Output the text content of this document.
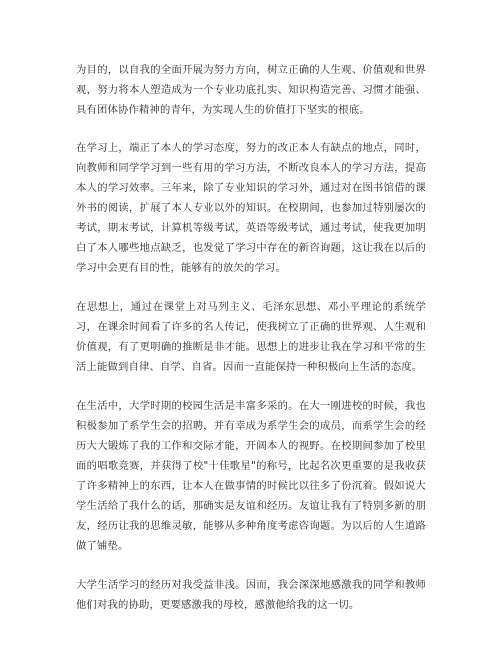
为目的，以自我的全面开展为努力方向，树立正确的人生观、价值观和世界观，努力将本人塑造成为一个专业功底扎实、知识构造完善、习惯才能强、具有团体协作精神的青年，为实现人生的价值打下坚实的根底。

在学习上，端正了本人的学习态度，努力的改正本人有缺点的地点，同时，向教师和同学学习到一些有用的学习方法，不断改良本人的学习方法，提高本人的学习效率。三年来，除了专业知识的学习外，通过对在图书馆借的课外书的阅读，扩展了本人专业以外的知识。在校期间，也参加过特别屡次的考试，期末考试，计算机等级考试，英语等级考试，通过考试，使我更加明白了本人哪些地点缺乏，也发觉了学习中存在的新咨询题，这让我在以后的学习中会更有目的性，能够有的放矢的学习。

在思想上，通过在课堂上对马列主义、毛泽东思想、邓小平理论的系统学习，在课余时间看了许多的名人传记，使我树立了正确的世界观、人生观和价值观，有了更明确的推断是非才能。思想上的进步让我在学习和平常的生活上能做到自律、自学、自省。因而一直能保持一种积极向上生活的态度。

在生活中，大学时期的校园生活是丰富多采的。在大一刚进校的时候，我也积极参加了系学生会的招聘，并有幸成为系学生会的成员，而系学生会的经历大大锻炼了我的工作和交际才能，开阔本人的视野。在校期间参加了校里面的唱歌竞赛，并获得了校"十佳歌星"的称号，比起名次更重要的是我收获了许多精神上的东西，让本人在做事情的时候比以往多了份沉着。假如说大学生活给了我什么的话，那确实是友谊和经历。友谊让我有了特别多新的朋友，经历让我的思维灵敏，能够从多种角度考虑咨询题。为以后的人生道路做了铺垫。

大学生活学习的经历对我受益非浅。因而，我会深深地感激我的同学和教师他们对我的协助，更要感激我的母校，感激他给我的这一切。
